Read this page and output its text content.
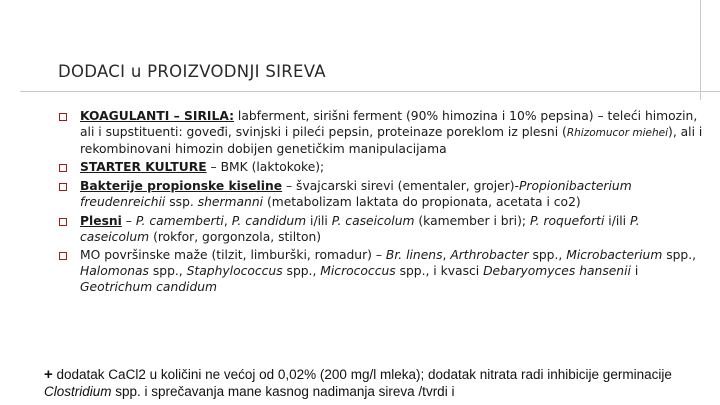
DODACI u PROIZVODNJI SIREVA
KOAGULANTI – SIRILA: labferment, sirišni ferment (90% himozina i 10% pepsina) – teleći himozin, ali i supstituenti: goveđi, svinjski i pileći pepsin, proteinaze poreklom iz plesni (Rhizomucor miehei), ali i rekombinovani himozin dobijen genetičkim manipulacijama
STARTER KULTURE – BMK (laktokoke);
Bakterije propionske kiseline – švajcarski sirevi (ementaler, grojer)-Propionibacterium freudenreichii ssp. shermanni (metabolizam laktata do propionata, acetata i co2)
Plesni – P. camemberti, P. candidum i/ili P. caseicolum (kamember i bri); P. roqueforti i/ili P. caseicolum (rokfor, gorgonzola, stilton)
MO površinske maže (tilzit, limburški, romadur) – Br. linens, Arthrobacter spp., Microbacterium spp., Halomonas spp., Staphylococcus spp., Micrococcus spp., i kvasci Debaryomyces hansenii i Geotrichum candidum
+ dodatak CaCl2 u količini ne većoj od 0,02% (200 mg/l mleka); dodatak nitrata radi inhibicije germinacije Clostridium spp. i sprečavanja mane kasnog nadimanja sireva /tvrdi i
